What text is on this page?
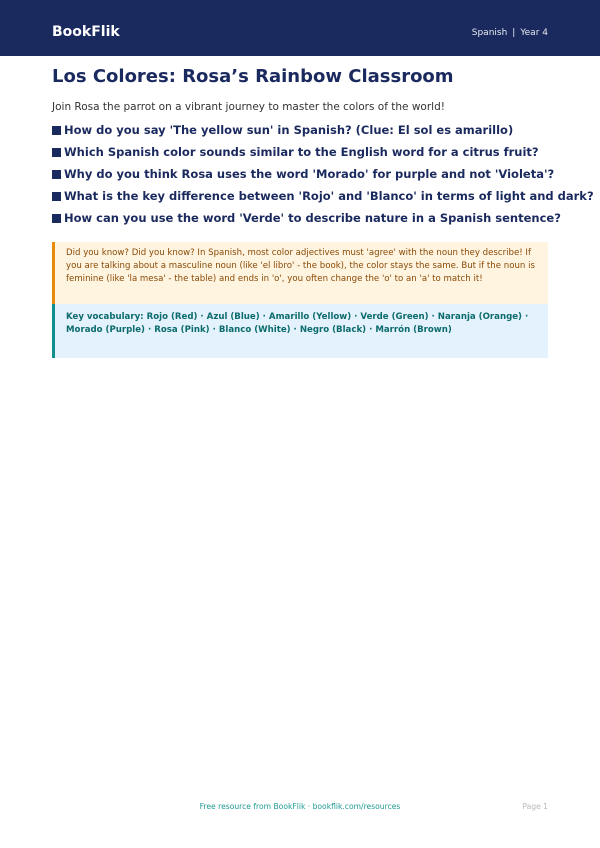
BookFlik	Spanish | Year 4
Los Colores: Rosa’s Rainbow Classroom
Join Rosa the parrot on a vibrant journey to master the colors of the world!
How do you say 'The yellow sun' in Spanish? (Clue: El sol es amarillo)
Which Spanish color sounds similar to the English word for a citrus fruit?
Why do you think Rosa uses the word 'Morado' for purple and not 'Violeta'?
What is the key difference between 'Rojo' and 'Blanco' in terms of light and dark?
How can you use the word 'Verde' to describe nature in a Spanish sentence?
Did you know? Did you know? In Spanish, most color adjectives must 'agree' with the noun they describe! If you are talking about a masculine noun (like 'el libro' - the book), the color stays the same. But if the noun is feminine (like 'la mesa' - the table) and ends in 'o', you often change the 'o' to an 'a' to match it!
Key vocabulary: Rojo (Red) · Azul (Blue) · Amarillo (Yellow) · Verde (Green) · Naranja (Orange) · Morado (Purple) · Rosa (Pink) · Blanco (White) · Negro (Black) · Marrón (Brown)
Free resource from BookFlik · bookflik.com/resources	Page 1
